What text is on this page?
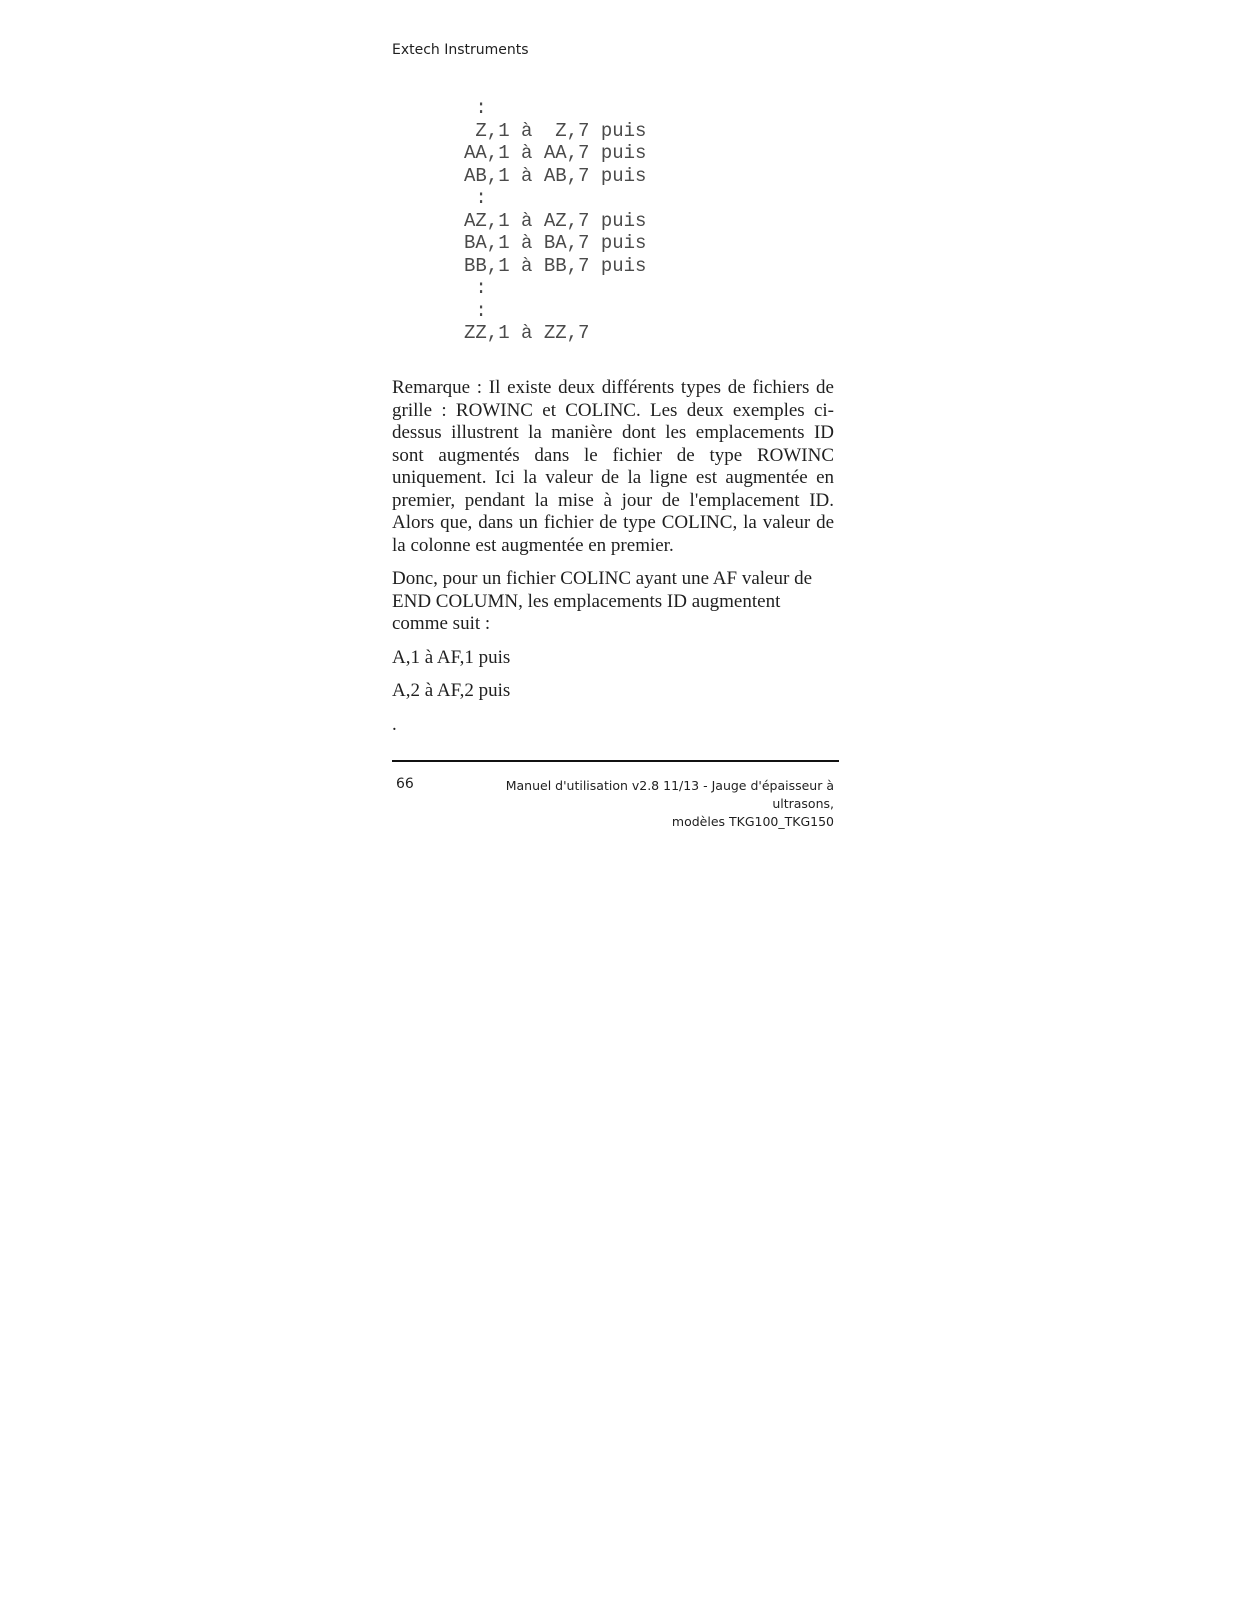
Extech Instruments
:
Z,1 à  Z,7 puis
AA,1 à AA,7 puis
AB,1 à AB,7 puis
:
AZ,1 à AZ,7 puis
BA,1 à BA,7 puis
BB,1 à BB,7 puis
:
:
ZZ,1 à ZZ,7

Remarque : Il existe deux différents types de fichiers de grille : ROWINC et COLINC. Les deux exemples ci-dessus illustrent la manière dont les emplacements ID sont augmentés dans le fichier de type ROWINC uniquement. Ici la valeur de la ligne est augmentée en premier, pendant la mise à jour de l'emplacement ID. Alors que, dans un fichier de type COLINC, la valeur de la colonne est augmentée en premier.

Donc, pour un fichier COLINC ayant une AF valeur de END COLUMN, les emplacements ID augmentent comme suit :

A,1 à AF,1 puis

A,2 à AF,2 puis

.

66	Manuel d'utilisation v2.8 11/13 - Jauge d'épaisseur à ultrasons,
modèles TKG100_TKG150
